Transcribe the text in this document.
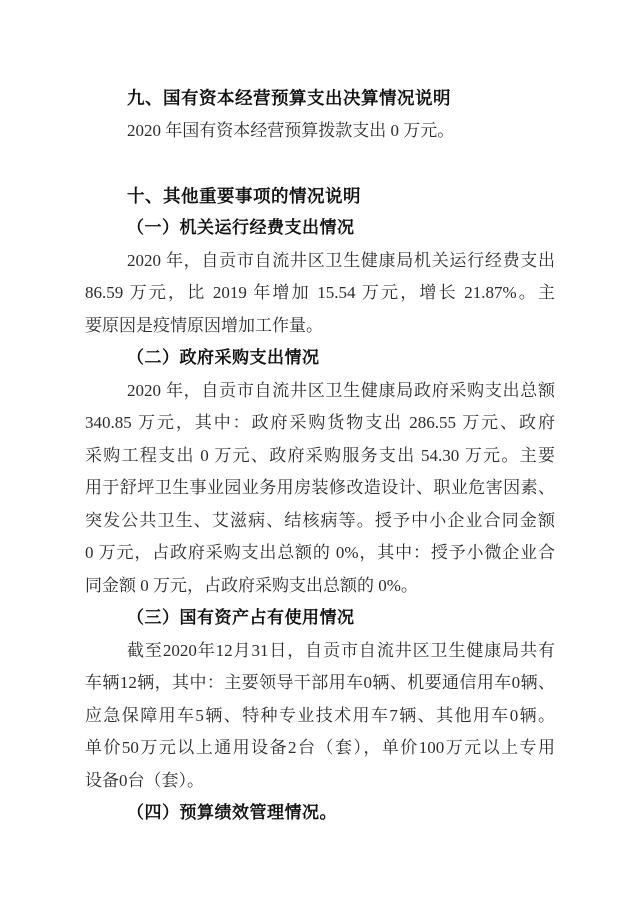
九、国有资本经营预算支出决算情况说明

2020 年国有资本经营预算拨款支出 0 万元。

十、其他重要事项的情况说明

（一）机关运行经费支出情况

2020 年，自贡市自流井区卫生健康局机关运行经费支出

86.59 万元，比 2019 年增加 15.54 万元，增长 21.87%。主

要原因是疫情原因增加工作量。

（二）政府采购支出情况

2020 年，自贡市自流井区卫生健康局政府采购支出总额

340.85 万元，其中：政府采购货物支出 286.55 万元、政府

采购工程支出 0 万元、政府采购服务支出 54.30 万元。主要

用于舒坪卫生事业园业务用房装修改造设计、职业危害因素、

突发公共卫生、艾滋病、结核病等。授予中小企业合同金额

0 万元，占政府采购支出总额的 0%，其中：授予小微企业合

同金额 0 万元，占政府采购支出总额的 0%。

（三）国有资产占有使用情况

截至2020年12月31日，自贡市自流井区卫生健康局共有

车辆12辆，其中：主要领导干部用车0辆、机要通信用车0辆、

应急保障用车5辆、特种专业技术用车7辆、其他用车0辆。

单价50万元以上通用设备2台（套），单价100万元以上专用

设备0台（套）。

（四）预算绩效管理情况。
